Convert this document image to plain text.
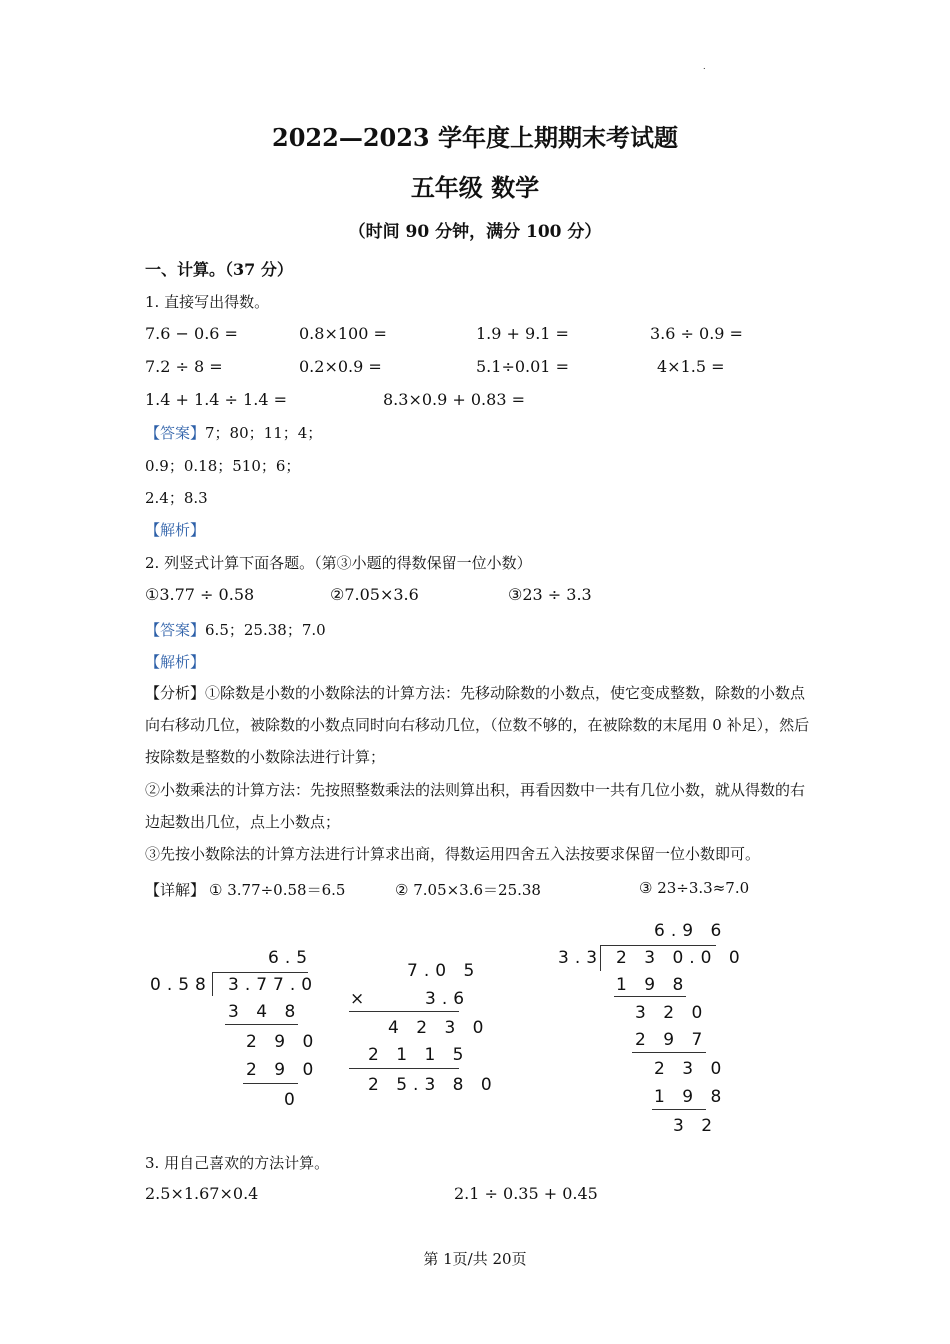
.
2022—2023 学年度上期期末考试题
五年级 数学
（时间 90 分钟，满分 100 分）
一、计算。（37 分）
1. 直接写出得数。
7.6 − 0.6 =	0.8×100 =	1.9 + 9.1 =	3.6 ÷ 0.9 =
7.2 ÷ 8 =	0.2×0.9 =	5.1÷0.01 =	4×1.5 =
1.4 + 1.4 ÷ 1.4 =	8.3×0.9 + 0.83 =
【答案】7；80；11；4；
0.9；0.18；510；6；
2.4；8.3
【解析】
2. 列竖式计算下面各题。（第③小题的得数保留一位小数）
①3.77 ÷ 0.58	②7.05×3.6	③23 ÷ 3.3
【答案】6.5；25.38；7.0
【解析】
【分析】①除数是小数的小数除法的计算方法：先移动除数的小数点，使它变成整数，除数的小数点向右移动几位，被除数的小数点同时向右移动几位，（位数不够的，在被除数的末尾用 0 补足），然后按除数是整数的小数除法进行计算；
②小数乘法的计算方法：先按照整数乘法的法则算出积，再看因数中一共有几位小数，就从得数的右边起数出几位，点上小数点；
③先按小数除法的计算方法进行计算求出商，得数运用四舍五入法按要求保留一位小数即可。
【详解】 ① 3.77÷0.58＝6.5	② 7.05×3.6＝25.38	③ 23÷3.3≈7.0
6.5
0.58 3.77.0
3 4 8
2 9 0
2 9 0
0
7.0 5
×	3.6
4 2 3 0
2 1 1 5
2 5.3 8 0
6.9 6
3.3 2 3 0.0 0
1 9 8
3 2 0
2 9 7
2 3 0
1 9 8
3 2
3. 用自己喜欢的方法计算。
2.5×1.67×0.4	2.1 ÷ 0.35 + 0.45
第 1页/共 20页
